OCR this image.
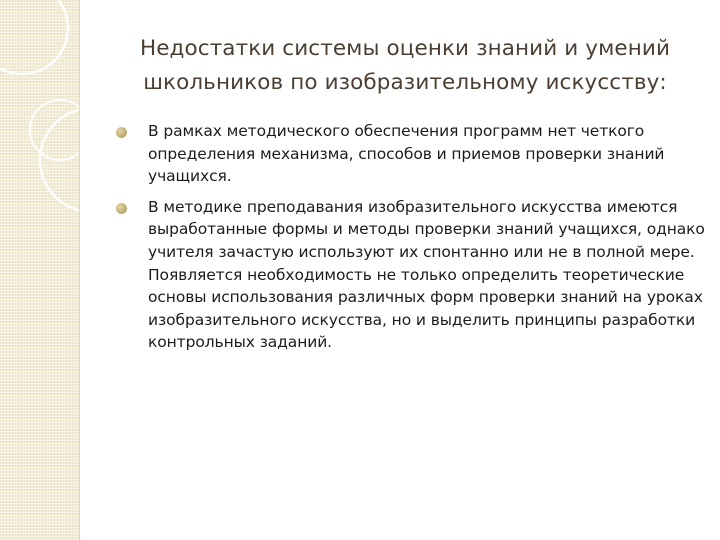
Недостатки системы оценки знаний и умений школьников по изобразительному искусству:
В рамках методического обеспечения программ нет четкого определения механизма, способов и приемов проверки знаний учащихся.
В методике преподавания изобразительного искусства имеются выработанные формы и методы проверки знаний учащихся, однако учителя зачастую используют их спонтанно или не в полной мере. Появляется необходимость не только определить теоретические основы использования различных форм проверки знаний на уроках изобразительного искусства, но и выделить принципы разработки контрольных заданий.
